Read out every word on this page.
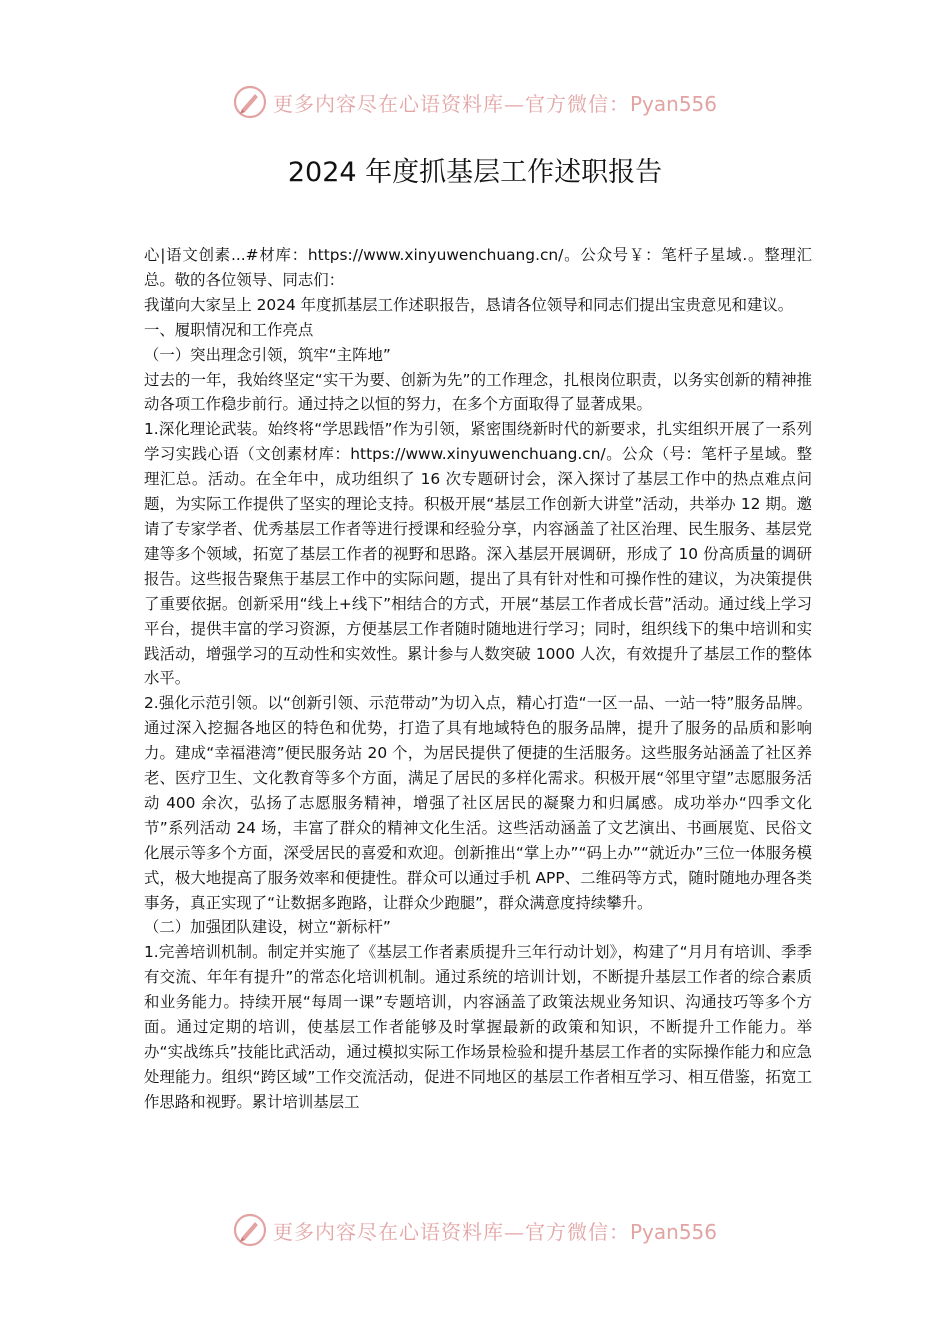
更多内容尽在心语资料库—官方微信：Pyan556
2024 年度抓基层工作述职报告

心|语文创素...#材库：https://www.xinyuwenchuang.cn/。公众号￥：笔杆子星域.。整理汇总。敬的各位领导、同志们：

我谨向大家呈上 2024 年度抓基层工作述职报告，恳请各位领导和同志们提出宝贵意见和建议。

一、履职情况和工作亮点

（一）突出理念引领，筑牢“主阵地”

过去的一年，我始终坚定“实干为要、创新为先”的工作理念，扎根岗位职责，以务实创新的精神推动各项工作稳步前行。通过持之以恒的努力，在多个方面取得了显著成果。

1.深化理论武装。始终将“学思践悟”作为引领，紧密围绕新时代的新要求，扎实组织开展了一系列学习实践心语（文创素材库：https://www.xinyuwenchuang.cn/。公众（号：笔杆子星域。整理汇总。活动。在全年中，成功组织了 16 次专题研讨会，深入探讨了基层工作中的热点难点问题，为实际工作提供了坚实的理论支持。积极开展“基层工作创新大讲堂”活动，共举办 12 期。邀请了专家学者、优秀基层工作者等进行授课和经验分享，内容涵盖了社区治理、民生服务、基层党建等多个领域，拓宽了基层工作者的视野和思路。深入基层开展调研，形成了 10 份高质量的调研报告。这些报告聚焦于基层工作中的实际问题，提出了具有针对性和可操作性的建议，为决策提供了重要依据。创新采用“线上+线下”相结合的方式，开展“基层工作者成长营”活动。通过线上学习平台，提供丰富的学习资源，方便基层工作者随时随地进行学习；同时，组织线下的集中培训和实践活动，增强学习的互动性和实效性。累计参与人数突破 1000 人次，有效提升了基层工作的整体水平。

2.强化示范引领。以“创新引领、示范带动”为切入点，精心打造“一区一品、一站一特”服务品牌。通过深入挖掘各地区的特色和优势，打造了具有地域特色的服务品牌，提升了服务的品质和影响力。建成“幸福港湾”便民服务站 20 个，为居民提供了便捷的生活服务。这些服务站涵盖了社区养老、医疗卫生、文化教育等多个方面，满足了居民的多样化需求。积极开展“邻里守望”志愿服务活动 400 余次，弘扬了志愿服务精神，增强了社区居民的凝聚力和归属感。成功举办“四季文化节”系列活动 24 场，丰富了群众的精神文化生活。这些活动涵盖了文艺演出、书画展览、民俗文化展示等多个方面，深受居民的喜爱和欢迎。创新推出“掌上办”“码上办”“就近办”三位一体服务模式，极大地提高了服务效率和便捷性。群众可以通过手机 APP、二维码等方式，随时随地办理各类事务，真正实现了“让数据多跑路，让群众少跑腿”，群众满意度持续攀升。

（二）加强团队建设，树立“新标杆”

1.完善培训机制。制定并实施了《基层工作者素质提升三年行动计划》，构建了“月月有培训、季季有交流、年年有提升”的常态化培训机制。通过系统的培训计划，不断提升基层工作者的综合素质和业务能力。持续开展“每周一课”专题培训，内容涵盖了政策法规业务知识、沟通技巧等多个方面。通过定期的培训，使基层工作者能够及时掌握最新的政策和知识，不断提升工作能力。举办“实战练兵”技能比武活动，通过模拟实际工作场景检验和提升基层工作者的实际操作能力和应急处理能力。组织“跨区域”工作交流活动，促进不同地区的基层工作者相互学习、相互借鉴，拓宽工作思路和视野。累计培训基层工

更多内容尽在心语资料库—官方微信：Pyan556
